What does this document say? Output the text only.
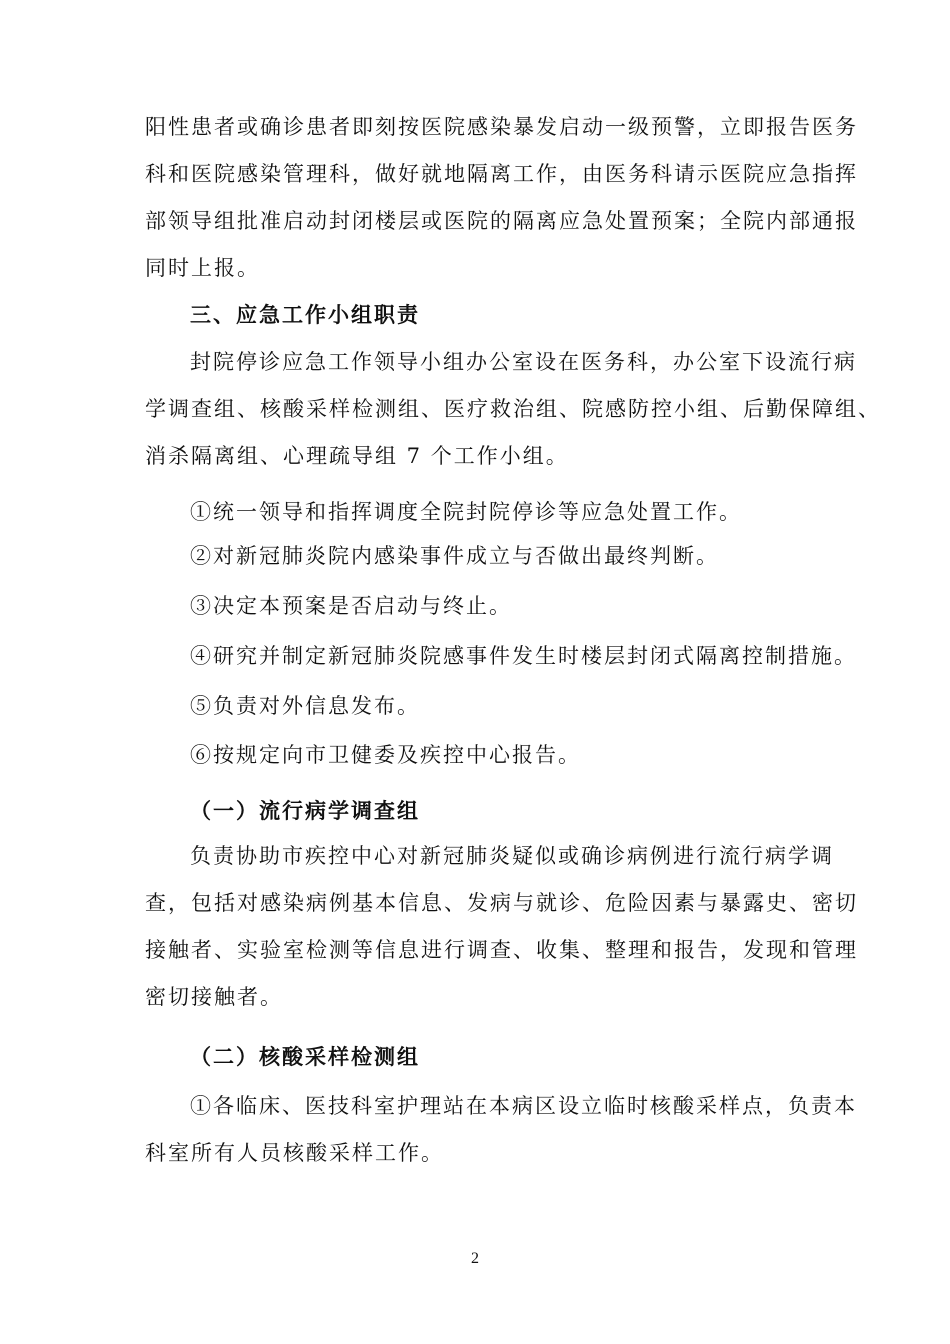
阳性患者或确诊患者即刻按医院感染暴发启动一级预警，立即报告医务
科和医院感染管理科，做好就地隔离工作，由医务科请示医院应急指挥
部领导组批准启动封闭楼层或医院的隔离应急处置预案；全院内部通报
同时上报。
三、应急工作小组职责
封院停诊应急工作领导小组办公室设在医务科，办公室下设流行病
学调查组、核酸采样检测组、医疗救治组、院感防控小组、后勤保障组、
消杀隔离组、心理疏导组 7 个工作小组。
①统一领导和指挥调度全院封院停诊等应急处置工作。
②对新冠肺炎院内感染事件成立与否做出最终判断。
③决定本预案是否启动与终止。
④研究并制定新冠肺炎院感事件发生时楼层封闭式隔离控制措施。
⑤负责对外信息发布。
⑥按规定向市卫健委及疾控中心报告。
（一）流行病学调查组
负责协助市疾控中心对新冠肺炎疑似或确诊病例进行流行病学调
查，包括对感染病例基本信息、发病与就诊、危险因素与暴露史、密切
接触者、实验室检测等信息进行调查、收集、整理和报告，发现和管理
密切接触者。
（二）核酸采样检测组
①各临床、医技科室护理站在本病区设立临时核酸采样点，负责本
科室所有人员核酸采样工作。
2
